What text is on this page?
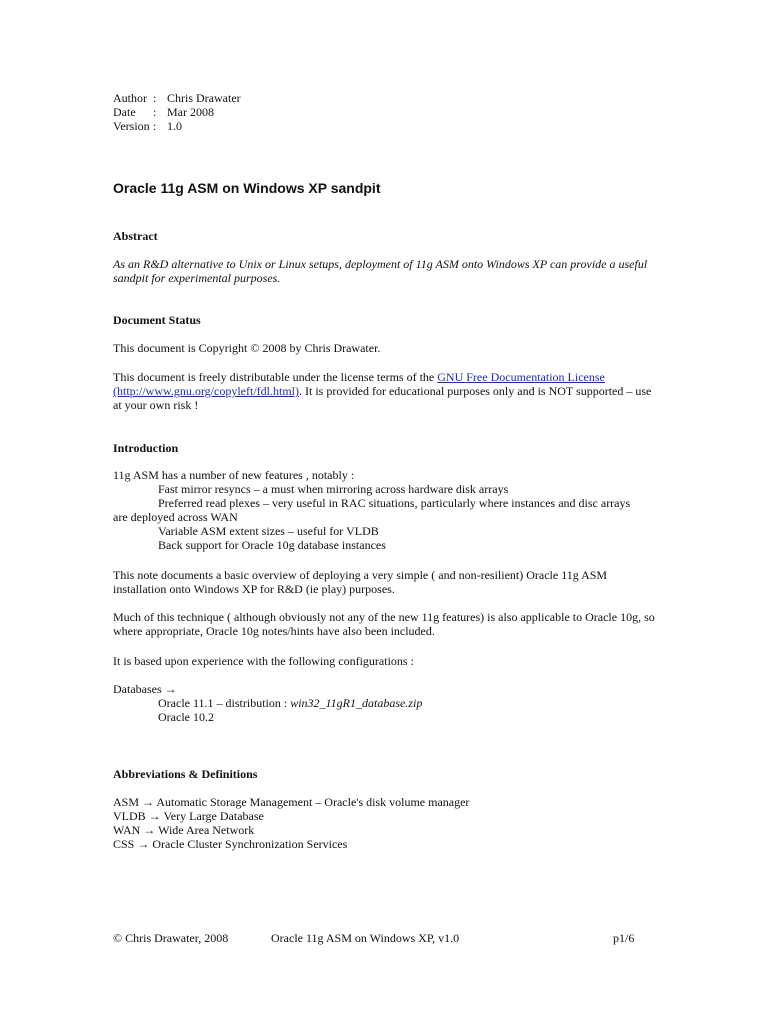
Author : Chris Drawater
Date	: Mar 2008
Version : 1.0
Oracle 11g ASM on Windows XP sandpit
Abstract
As an R&D alternative to Unix or Linux setups, deployment of 11g ASM onto Windows XP can provide a useful sandpit for experimental purposes.
Document Status
This document is Copyright © 2008 by Chris Drawater.
This document is freely distributable under the license terms of the GNU Free Documentation License
(http://www.gnu.org/copyleft/fdl.html). It is provided for educational purposes only and is NOT supported – use at your own risk !
Introduction
11g ASM has a number of new features , notably :
Fast mirror resyncs – a must when mirroring across hardware disk arrays
Preferred read plexes – very useful in RAC situations, particularly where instances and disc arrays
are deployed across WAN
Variable ASM extent sizes – useful for VLDB
Back support for Oracle 10g database instances
This note documents a basic overview of deploying a very simple ( and non-resilient) Oracle 11g ASM installation onto Windows XP for R&D (ie play) purposes.
Much of this technique ( although obviously not any of the new 11g features) is also applicable to Oracle 10g, so where appropriate, Oracle 10g notes/hints have also been included.
It is based upon experience with the following configurations :
Databases →
Oracle 11.1 – distribution : win32_11gR1_database.zip
Oracle 10.2
Abbreviations & Definitions
ASM → Automatic Storage Management – Oracle's disk volume manager
VLDB → Very Large Database
WAN → Wide Area Network
CSS → Oracle Cluster Synchronization Services
© Chris Drawater, 2008	Oracle 11g ASM on Windows XP, v1.0	p1/6
